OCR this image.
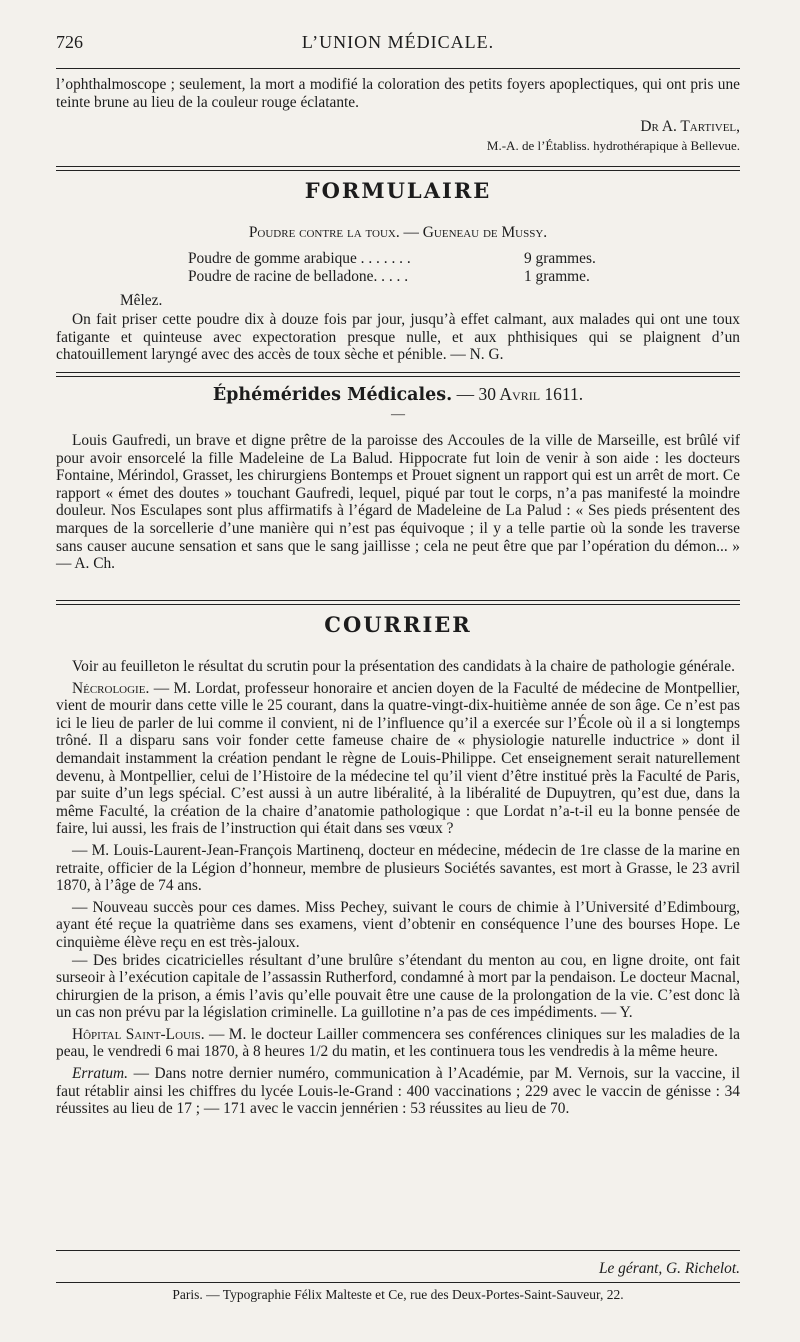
726	L’UNION MÉDICALE.

l’ophthalmoscope ; seulement, la mort a modifié la coloration des petits foyers apoplectiques, qui ont pris une teinte brune au lieu de la couleur rouge éclatante.

Dr A. Tartivel,
M.-A. de l’Établiss. hydrothérapique à Bellevue.
FORMULAIRE
Poudre contre la toux. — Gueneau de Mussy.
Poudre de gomme arabique . . . . . . .	9 grammes.
Poudre de racine de belladone. . . . .	1 gramme.
Mêlez.

On fait priser cette poudre dix à douze fois par jour, jusqu’à effet calmant, aux malades qui ont une toux fatigante et quinteuse avec expectoration presque nulle, et aux phthisiques qui se plaignent d’un chatouillement laryngé avec des accès de toux sèche et pénible. — N. G.

Éphémérides Médicales. — 30 Avril 1611.
—

Louis Gaufredi, un brave et digne prêtre de la paroisse des Accoules de la ville de Marseille, est brûlé vif pour avoir ensorcelé la fille Madeleine de La Balud. Hippocrate fut loin de venir à son aide : les docteurs Fontaine, Mérindol, Grasset, les chirurgiens Bontemps et Prouet signent un rapport qui est un arrêt de mort. Ce rapport « émet des doutes » touchant Gaufredi, lequel, piqué par tout le corps, n’a pas manifesté la moindre douleur. Nos Esculapes sont plus affirmatifs à l’égard de Madeleine de La Palud : « Ses pieds présentent des marques de la sorcellerie d’une manière qui n’est pas équivoque ; il y a telle partie où la sonde les traverse sans causer aucune sensation et sans que le sang jaillisse ; cela ne peut être que par l’opération du démon... » — A. Ch.

COURRIER

Voir au feuilleton le résultat du scrutin pour la présentation des candidats à la chaire de pathologie générale.

Nécrologie. — M. Lordat, professeur honoraire et ancien doyen de la Faculté de médecine de Montpellier, vient de mourir dans cette ville le 25 courant, dans la quatre-vingt-dix-huitième année de son âge. Ce n’est pas ici le lieu de parler de lui comme il convient, ni de l’influence qu’il a exercée sur l’École où il a si longtemps trôné. Il a disparu sans voir fonder cette fameuse chaire de « physiologie naturelle inductrice » dont il demandait instamment la création pendant le règne de Louis-Philippe. Cet enseignement serait naturellement devenu, à Montpellier, celui de l’Histoire de la médecine tel qu’il vient d’être institué près la Faculté de Paris, par suite d’un legs spécial. C’est aussi à un autre libéralité, à la libéralité de Dupuytren, qu’est due, dans la même Faculté, la création de la chaire d’anatomie pathologique : que Lordat n’a-t-il eu la bonne pensée de faire, lui aussi, les frais de l’instruction qui était dans ses vœux ?

— M. Louis-Laurent-Jean-François Martinenq, docteur en médecine, médecin de 1re classe de la marine en retraite, officier de la Légion d’honneur, membre de plusieurs Sociétés savantes, est mort à Grasse, le 23 avril 1870, à l’âge de 74 ans.

— Nouveau succès pour ces dames. Miss Pechey, suivant le cours de chimie à l’Université d’Edimbourg, ayant été reçue la quatrième dans ses examens, vient d’obtenir en conséquence l’une des bourses Hope. Le cinquième élève reçu en est très-jaloux.

— Des brides cicatricielles résultant d’une brulûre s’étendant du menton au cou, en ligne droite, ont fait surseoir à l’exécution capitale de l’assassin Rutherford, condamné à mort par la pendaison. Le docteur Macnal, chirurgien de la prison, a émis l’avis qu’elle pouvait être une cause de la prolongation de la vie. C’est donc là un cas non prévu par la législation criminelle. La guillotine n’a pas de ces impédiments. — Y.

Hôpital Saint-Louis. — M. le docteur Lailler commencera ses conférences cliniques sur les maladies de la peau, le vendredi 6 mai 1870, à 8 heures 1/2 du matin, et les continuera tous les vendredis à la même heure.

Erratum. — Dans notre dernier numéro, communication à l’Académie, par M. Vernois, sur la vaccine, il faut rétablir ainsi les chiffres du lycée Louis-le-Grand : 400 vaccinations ; 229 avec le vaccin de génisse : 34 réussites au lieu de 17 ; — 171 avec le vaccin jennérien : 53 réussites au lieu de 70.

Le gérant, G. Richelot.
Paris. — Typographie Félix Malteste et Ce, rue des Deux-Portes-Saint-Sauveur, 22.
